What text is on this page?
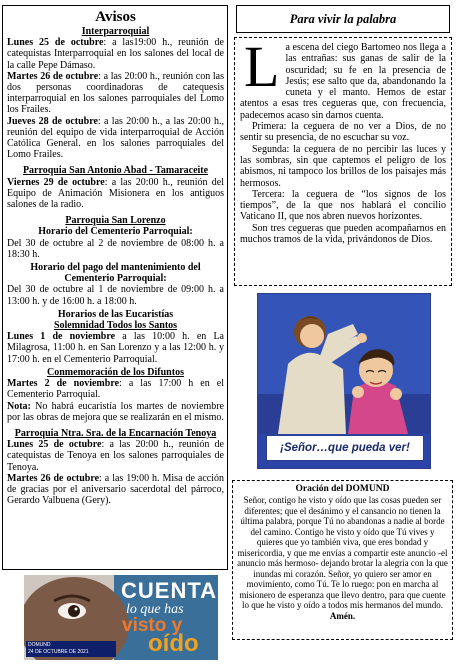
Avisos
Interparroquial

Lunes 25 de octubre: a las19:00 h., reunión de catequistas Interparroquial en los salones del local de la calle Pepe Dámaso.

Martes 26 de octubre: a las 20:00 h., reunión con las dos personas coordinadoras de catequesis interparroquial en los salones parroquiales del Lomo los Frailes.

Jueves 28 de octubre: a las 20:00 h., a las 20:00 h., reunión del equipo de vida interparroquial de Acción Católica General. en los salones parroquiales del Lomo Frailes.

Parroquia San Antonio Abad - Tamaraceite

Viernes 29 de octubre: a las 20:00 h., reunión del Equipo de Animación Misionera en los antiguos salones de la radio.

Parroquia San Lorenzo
Horario del Cementerio Parroquial:

Del 30 de octubre al 2 de noviembre de 08:00 h. a 18:30 h.

Horario del pago del mantenimiento del Cementerio Parroquial:

Del 30 de octubre al 1 de noviembre de 09:00 h. a 13:00 h. y de 16:00 h. a 18:00 h.

Horarios de las Eucaristías
Solemnidad Todos los Santos

Lunes 1 de noviembre a las 10:00 h. en La Milagrosa, 11:00 h. en San Lorenzo y a las 12:00 h. y 17:00 h. en el Cementerio Parroquial.

Conmemoración de los Difuntos

Martes 2 de noviembre: a las 17:00 h en el Cementerio Parroquial.

Nota: No habrá eucaristía los martes de noviembre por las obras de mejora que se realizarán en el mismo.

Parroquia Ntra. Sra. de la Encarnación Tenoya

Lunes 25 de octubre: a las 20:00 h., reunión de catequistas de Tenoya en los salones parroquiales de Tenoya.

Martes 26 de octubre: a las 19:00 h. Misa de acción de gracias por el aniversario sacerdotal del párroco, Gerardo Valbuena (Gery).

Para vivir la palabra
L a escena del ciego Bartomeo nos llega a las entrañas: sus ganas de salir de la oscuridad; su fe en la presencia de Jesús; ese salto que da, abandonando la cuneta y el manto. Hemos de estar atentos a esas tres cegueras que, con frecuencia, padecemos acaso sin darnos cuenta.

Primera: la ceguera de no ver a Dios, de no sentir su presencia, de no escuchar su voz.

Segunda: la ceguera de no percibir las luces y las sombras, sin que captemos el peligro de los abismos, ni tampoco los brillos de los paisajes más hermosos.

Tercera: la ceguera de “los signos de los tiempos”, de la que nos hablará el concilio Vaticano II, que nos abren nuevos horizontes.

Son tres cegueras que pueden acompañarnos en muchos tramos de la vida, privándonos de Dios.

¡Señor…que pueda ver!
Oración del DOMUND

Señor, contigo he visto y oído que las cosas pueden ser diferentes; que el desánimo y el cansancio no tienen la última palabra, porque Tú no abandonas a nadie al borde del camino. Contigo he visto y oído que Tú vives y quieres que yo también viva, que eres bondad y misericordia, y que me envías a compartir este anuncio -el anuncio más hermoso- dejando brotar la alegría con la que inundas mi corazón. Señor, yo quiero ser amor en movimiento, como Tú. Te lo ruego: pon en marcha al misionero de esperanza que llevo dentro, para que cuente lo que he visto y oído a todos mis hermanos del mundo. Amén.

CUENTA
lo que has
visto y
oído
DOMUND
24 DE OCTUBRE DE 2021
